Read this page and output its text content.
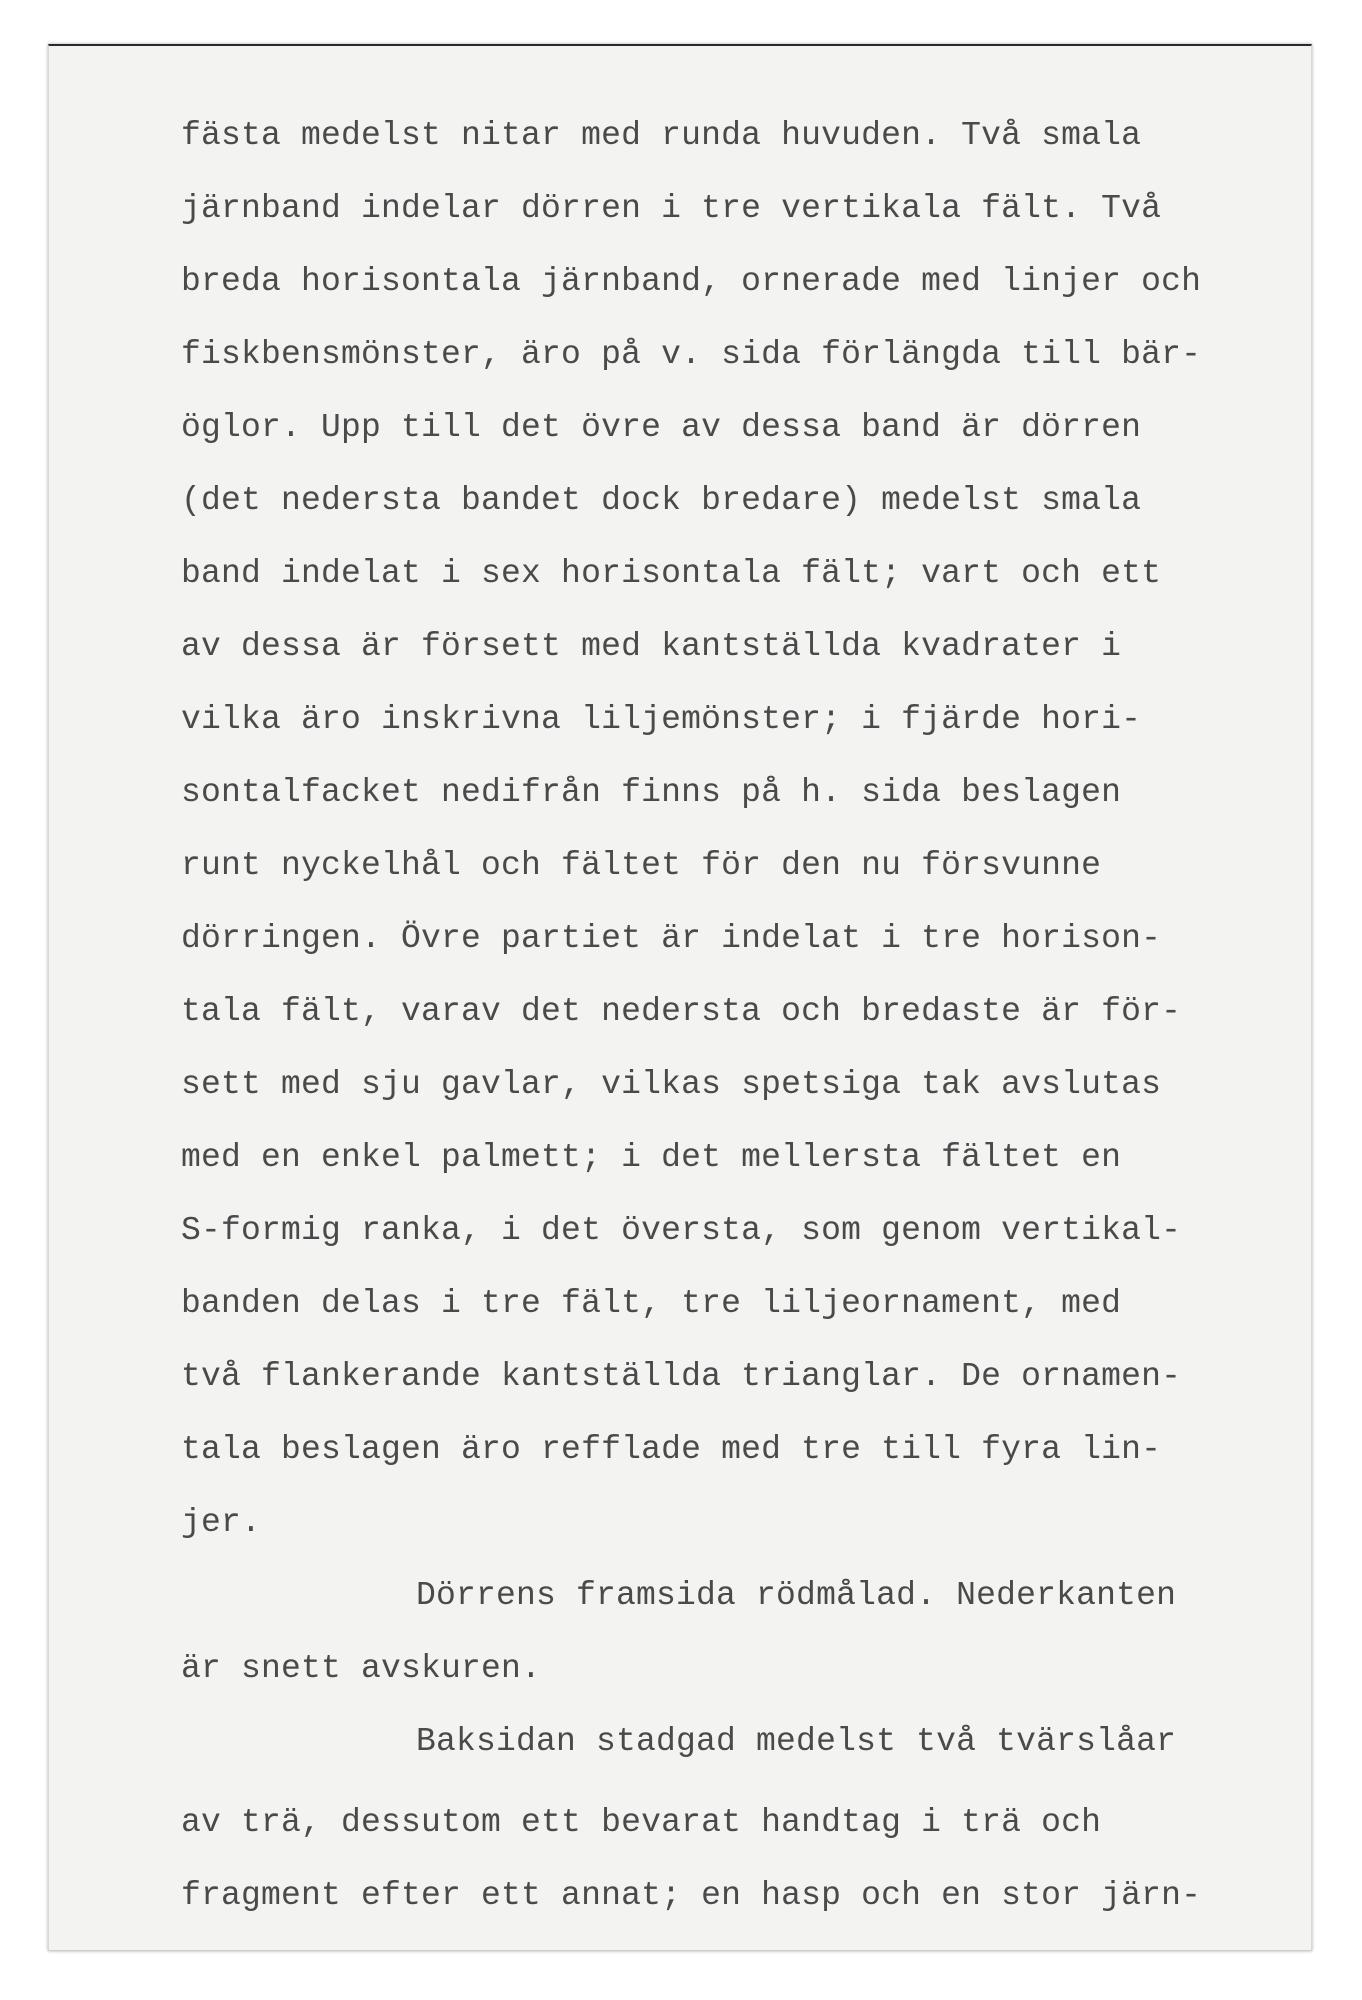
fästa medelst nitar med runda huvuden. Två smala
järnband indelar dörren i tre vertikala fält. Två
breda horisontala järnband, ornerade med linjer och
fiskbensmönster, äro på v. sida förlängda till bär-
öglor. Upp till det övre av dessa band är dörren
(det nedersta bandet dock bredare) medelst smala
band indelat i sex horisontala fält; vart och ett
av dessa är försett med kantställda kvadrater i
vilka äro inskrivna liljemönster; i fjärde hori-
sontalfacket nedifrån finns på h. sida beslagen
runt nyckelhål och fältet för den nu försvunne
dörringen. Övre partiet är indelat i tre horison-
tala fält, varav det nedersta och bredaste är för-
sett med sju gavlar, vilkas spetsiga tak avslutas
med en enkel palmett; i det mellersta fältet en
S-formig ranka, i det översta, som genom vertikal-
banden delas i tre fält, tre liljeornament, med
två flankerande kantställda trianglar. De ornamen-
tala beslagen äro refflade med tre till fyra lin-
jer.
Dörrens framsida rödmålad. Nederkanten
är snett avskuren.
Baksidan stadgad medelst två tvärslåar
av trä, dessutom ett bevarat handtag i trä och
fragment efter ett annat; en hasp och en stor järn-
